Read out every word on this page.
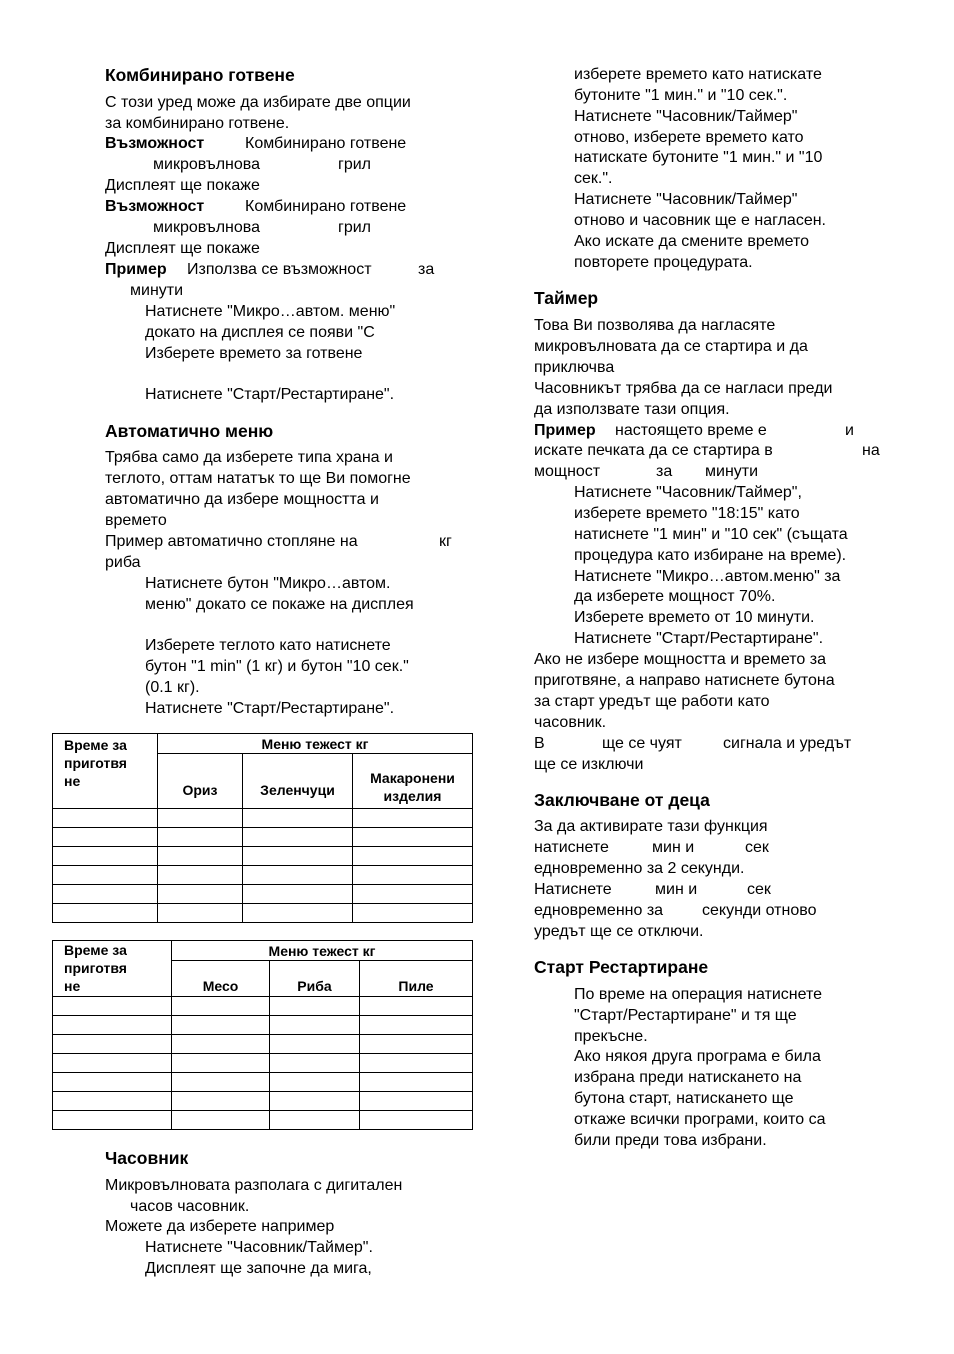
Комбинирано готвене
С този уред може да избирате две опции
за комбинирано готвене.
Възможност	Комбинирано готвене
микровълнова	грил
Дисплеят ще покаже
Възможност	Комбинирано готвене
микровълнова	грил
Дисплеят ще покаже
Пример Използва се възможност	за
минути
Натиснете "Микро…автом. меню"
докато на дисплея се появи "C
Изберете времето за готвене
Натиснете "Старт/Рестартиране".
Автоматично меню
Трябва само да изберете типа храна и
теглото, оттам нататък то ще Ви помогне
автоматично да избере мощността и
времето
Пример автоматично стопляне на	кг
риба
Натиснете бутон "Микро…автом.
меню" докато се покаже на дисплея
Изберете теглото като натиснете
бутон "1 min" (1 кг) и бутон "10 сек."
(0.1 кг).
Натиснете "Старт/Рестартиране".
Време за
приготвя
не	Меню тежест кг		
	Ориз	Зеленчуци	Макаронени
изделия

Време за
приготвя
не	Меню тежест кг		
	Месо	Риба	Пиле

Часовник
Микровълновата разполага с дигитален
часов часовник.
Можете да изберете например
Натиснете "Часовник/Таймер".
Дисплеят ще започне да мига,
изберете времето като натискате
бутоните "1 мин." и "10 сек.".
Натиснете "Часовник/Таймер"
отново, изберете времето като
натискате бутоните "1 мин." и "10
сек.".
Натиснете "Часовник/Таймер"
отново и часовник ще е нагласен.
Ако искате да смените времето
повторете процедурата.
Таймер
Това Ви позволява да нагласяте
микровълновата да се стартира и да
приключва
Часовникът трябва да се нагласи преди
да използвате тази опция.
Пример настоящето време е	и
искате печката да се стартира в	на
мощност	за минути
Натиснете "Часовник/Таймер",
изберете времето "18:15" като
натиснете "1 мин" и "10 сек" (същата
процедура като избиране на време).
Натиснете "Микро…автом.меню" за
да изберете мощност 70%.
Изберете времето от 10 минути.
Натиснете "Старт/Рестартиране".
Ако не избере мощността и времето за
приготвяне, а направо натиснете бутона
за старт уредът ще работи като
часовник.
В	ще се чуят	сигнала и уредът
ще се изключи
Заключване от деца
За да активирате тази функция
натиснете	мин и	сек
едновременно за 2 секунди.
Натиснете	мин и	сек
едновременно за секунди отново
уредът ще се отключи.
Старт Рестартиране
По време на операция натиснете
"Старт/Рестартиране" и тя ще
прекъсне.
Ако някоя друга програма е била
избрана преди натискането на
бутона старт, натискането ще
откаже всички програми, които са
били преди това избрани.
